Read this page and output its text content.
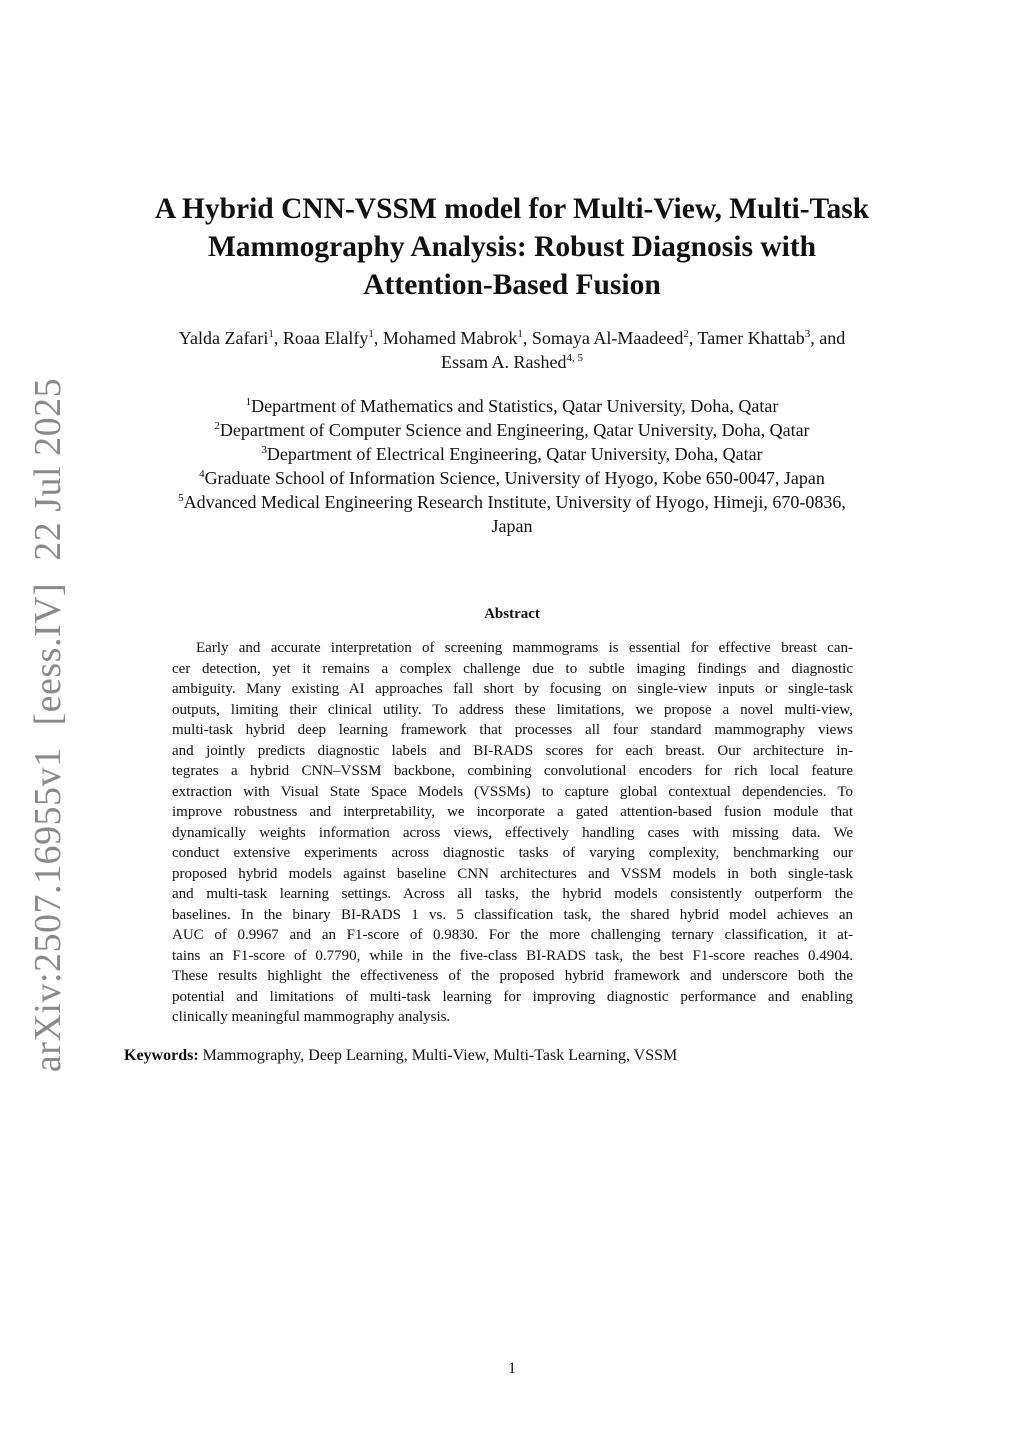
arXiv:2507.16955v1[eess.IV]22 Jul 2025
A Hybrid CNN-VSSM model for Multi-View, Multi-Task
Mammography Analysis: Robust Diagnosis with
Attention-Based Fusion
Yalda Zafari$^1$, Roaa Elalfy$^1$, Mohamed Mabrok$^1$, Somaya Al-Maadeed$^2$, Tamer Khattab$^3$, and
Essam A. Rashed$^{4, 5}$
$^1$Department of Mathematics and Statistics, Qatar University, Doha, Qatar
$^2$Department of Computer Science and Engineering, Qatar University, Doha, Qatar
$^3$Department of Electrical Engineering, Qatar University, Doha, Qatar
$^4$Graduate School of Information Science, University of Hyogo, Kobe 650-0047, Japan
$^5$Advanced Medical Engineering Research Institute, University of Hyogo, Himeji, 670-0836,
Japan
Abstract
Early and accurate interpretation of screening mammograms is essential for effective breast can-
cer detection, yet it remains a complex challenge due to subtle imaging findings and diagnostic
ambiguity. Many existing AI approaches fall short by focusing on single-view inputs or single-task
outputs, limiting their clinical utility. To address these limitations, we propose a novel multi-view,
multi-task hybrid deep learning framework that processes all four standard mammography views
and jointly predicts diagnostic labels and BI-RADS scores for each breast. Our architecture in-
tegrates a hybrid CNN–VSSM backbone, combining convolutional encoders for rich local feature
extraction with Visual State Space Models (VSSMs) to capture global contextual dependencies. To
improve robustness and interpretability, we incorporate a gated attention-based fusion module that
dynamically weights information across views, effectively handling cases with missing data. We
conduct extensive experiments across diagnostic tasks of varying complexity, benchmarking our
proposed hybrid models against baseline CNN architectures and VSSM models in both single-task
and multi-task learning settings. Across all tasks, the hybrid models consistently outperform the
baselines. In the binary BI-RADS 1 vs. 5 classification task, the shared hybrid model achieves an
AUC of 0.9967 and an F1-score of 0.9830. For the more challenging ternary classification, it at-
tains an F1-score of 0.7790, while in the five-class BI-RADS task, the best F1-score reaches 0.4904.
These results highlight the effectiveness of the proposed hybrid framework and underscore both the
potential and limitations of multi-task learning for improving diagnostic performance and enabling
clinically meaningful mammography analysis.
Keywords: Mammography, Deep Learning, Multi-View, Multi-Task Learning, VSSM
1
